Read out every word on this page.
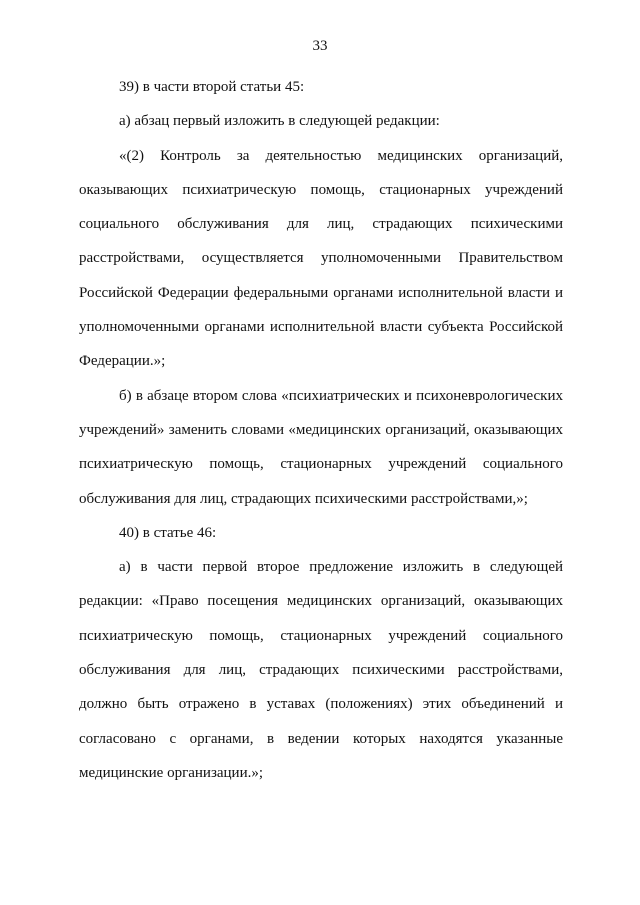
33

39) в части второй статьи 45:

а) абзац первый изложить в следующей редакции:

«(2) Контроль за деятельностью медицинских организаций, оказывающих психиатрическую помощь, стационарных учреждений социального обслуживания для лиц, страдающих психическими расстройствами, осуществляется уполномоченными Правительством Российской Федерации федеральными органами исполнительной власти и уполномоченными органами исполнительной власти субъекта Российской Федерации.»;

б) в абзаце втором слова «психиатрических и психоневрологических учреждений» заменить словами «медицинских организаций, оказывающих психиатрическую помощь, стационарных учреждений социального обслуживания для лиц, страдающих психическими расстройствами,»;

40) в статье 46:

а) в части первой второе предложение изложить в следующей редакции: «Право посещения медицинских организаций, оказывающих психиатрическую помощь, стационарных учреждений социального обслуживания для лиц, страдающих психическими расстройствами, должно быть отражено в уставах (положениях) этих объединений и согласовано с органами, в ведении которых находятся указанные медицинские организации.»;
